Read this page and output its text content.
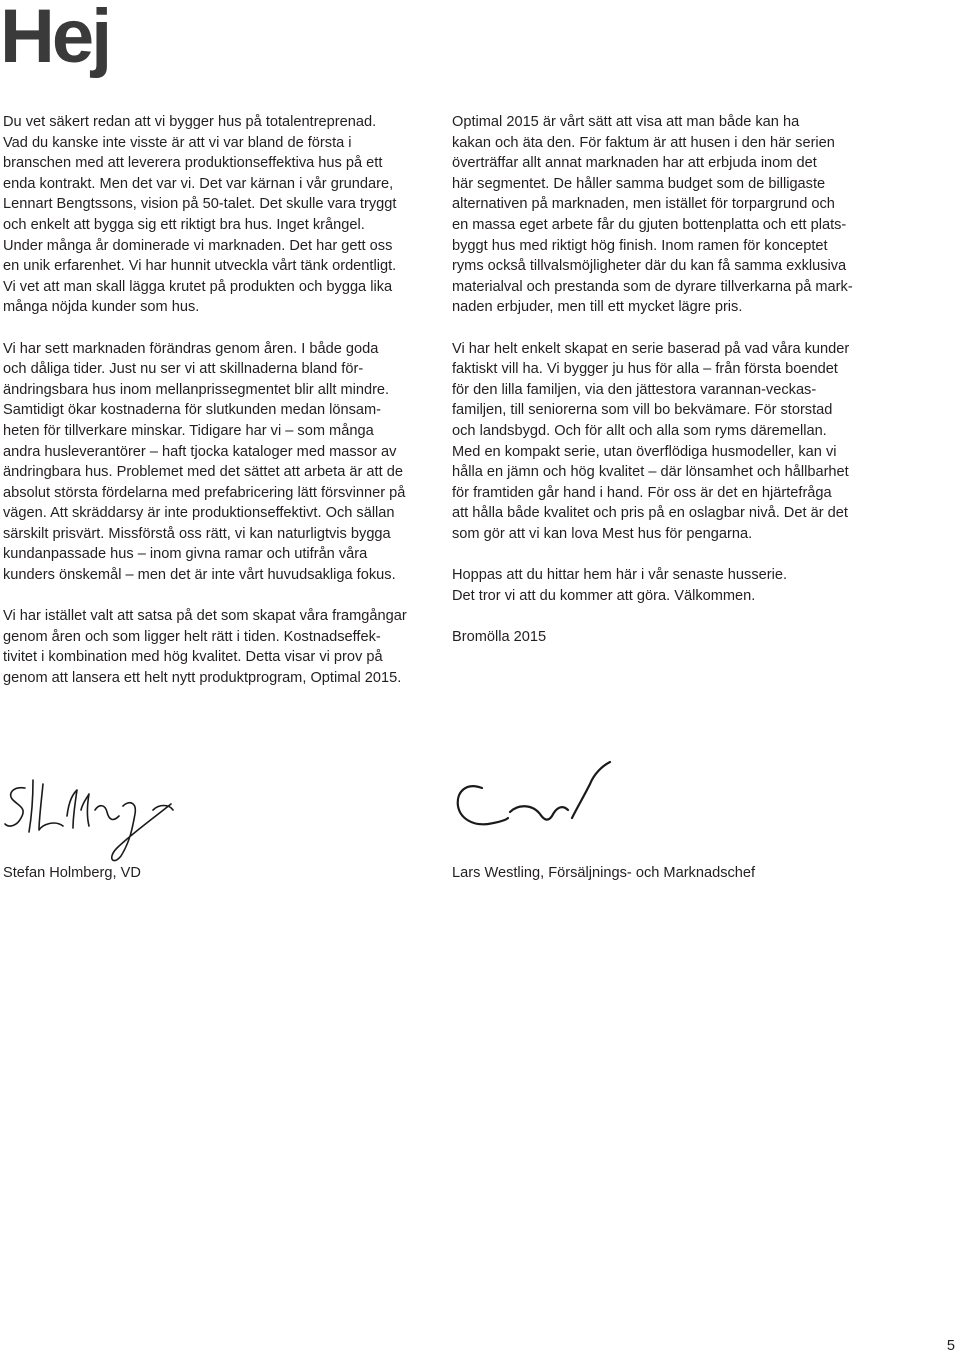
Hej

Du vet säkert redan att vi bygger hus på totalentreprenad.
Vad du kanske inte visste är att vi var bland de första i
branschen med att leverera produktionseffektiva hus på ett
enda kontrakt. Men det var vi. Det var kärnan i vår grundare,
Lennart Bengtssons, vision på 50-talet. Det skulle vara tryggt
och enkelt att bygga sig ett riktigt bra hus. Inget krångel.
Under många år dominerade vi marknaden. Det har gett oss
en unik erfarenhet. Vi har hunnit utveckla vårt tänk ordentligt.
Vi vet att man skall lägga krutet på produkten och bygga lika
många nöjda kunder som hus.

Vi har sett marknaden förändras genom åren. I både goda
och dåliga tider. Just nu ser vi att skillnaderna bland för-
ändringsbara hus inom mellanprissegmentet blir allt mindre.
Samtidigt ökar kostnaderna för slutkunden medan lönsam-
heten för tillverkare minskar. Tidigare har vi – som många
andra husleverantörer – haft tjocka kataloger med massor av
ändringbara hus. Problemet med det sättet att arbeta är att de
absolut största fördelarna med prefabricering lätt försvinner på
vägen. Att skräddarsy är inte produktionseffektivt. Och sällan
särskilt prisvärt. Missförstå oss rätt, vi kan naturligtvis bygga
kundanpassade hus – inom givna ramar och utifrån våra
kunders önskemål – men det är inte vårt huvudsakliga fokus.

Vi har istället valt att satsa på det som skapat våra framgångar
genom åren och som ligger helt rätt i tiden. Kostnadseffek-
tivitet i kombination med hög kvalitet. Detta visar vi prov på
genom att lansera ett helt nytt produktprogram, Optimal 2015.

Optimal 2015 är vårt sätt att visa att man både kan ha
kakan och äta den. För faktum är att husen i den här serien
överträffar allt annat marknaden har att erbjuda inom det
här segmentet. De håller samma budget som de billigaste
alternativen på marknaden, men istället för torpargrund och
en massa eget arbete får du gjuten bottenplatta och ett plats-
byggt hus med riktigt hög finish. Inom ramen för konceptet
ryms också tillvalsmöjligheter där du kan få samma exklusiva
materialval och prestanda som de dyrare tillverkarna på mark-
naden erbjuder, men till ett mycket lägre pris.

Vi har helt enkelt skapat en serie baserad på vad våra kunder
faktiskt vill ha. Vi bygger ju hus för alla – från första boendet
för den lilla familjen, via den jättestora varannan-veckas-
familjen, till seniorerna som vill bo bekvämare. För storstad
och landsbygd. Och för allt och alla som ryms däremellan.
Med en kompakt serie, utan överflödiga husmodeller, kan vi
hålla en jämn och hög kvalitet – där lönsamhet och hållbarhet
för framtiden går hand i hand. För oss är det en hjärtefråga
att hålla både kvalitet och pris på en oslagbar nivå. Det är det
som gör att vi kan lova Mest hus för pengarna.

Hoppas att du hittar hem här i vår senaste husserie.
Det tror vi att du kommer att göra. Välkommen.

Bromölla 2015

Stefan Holmberg, VD	Lars Westling, Försäljnings- och Marknadschef
5
